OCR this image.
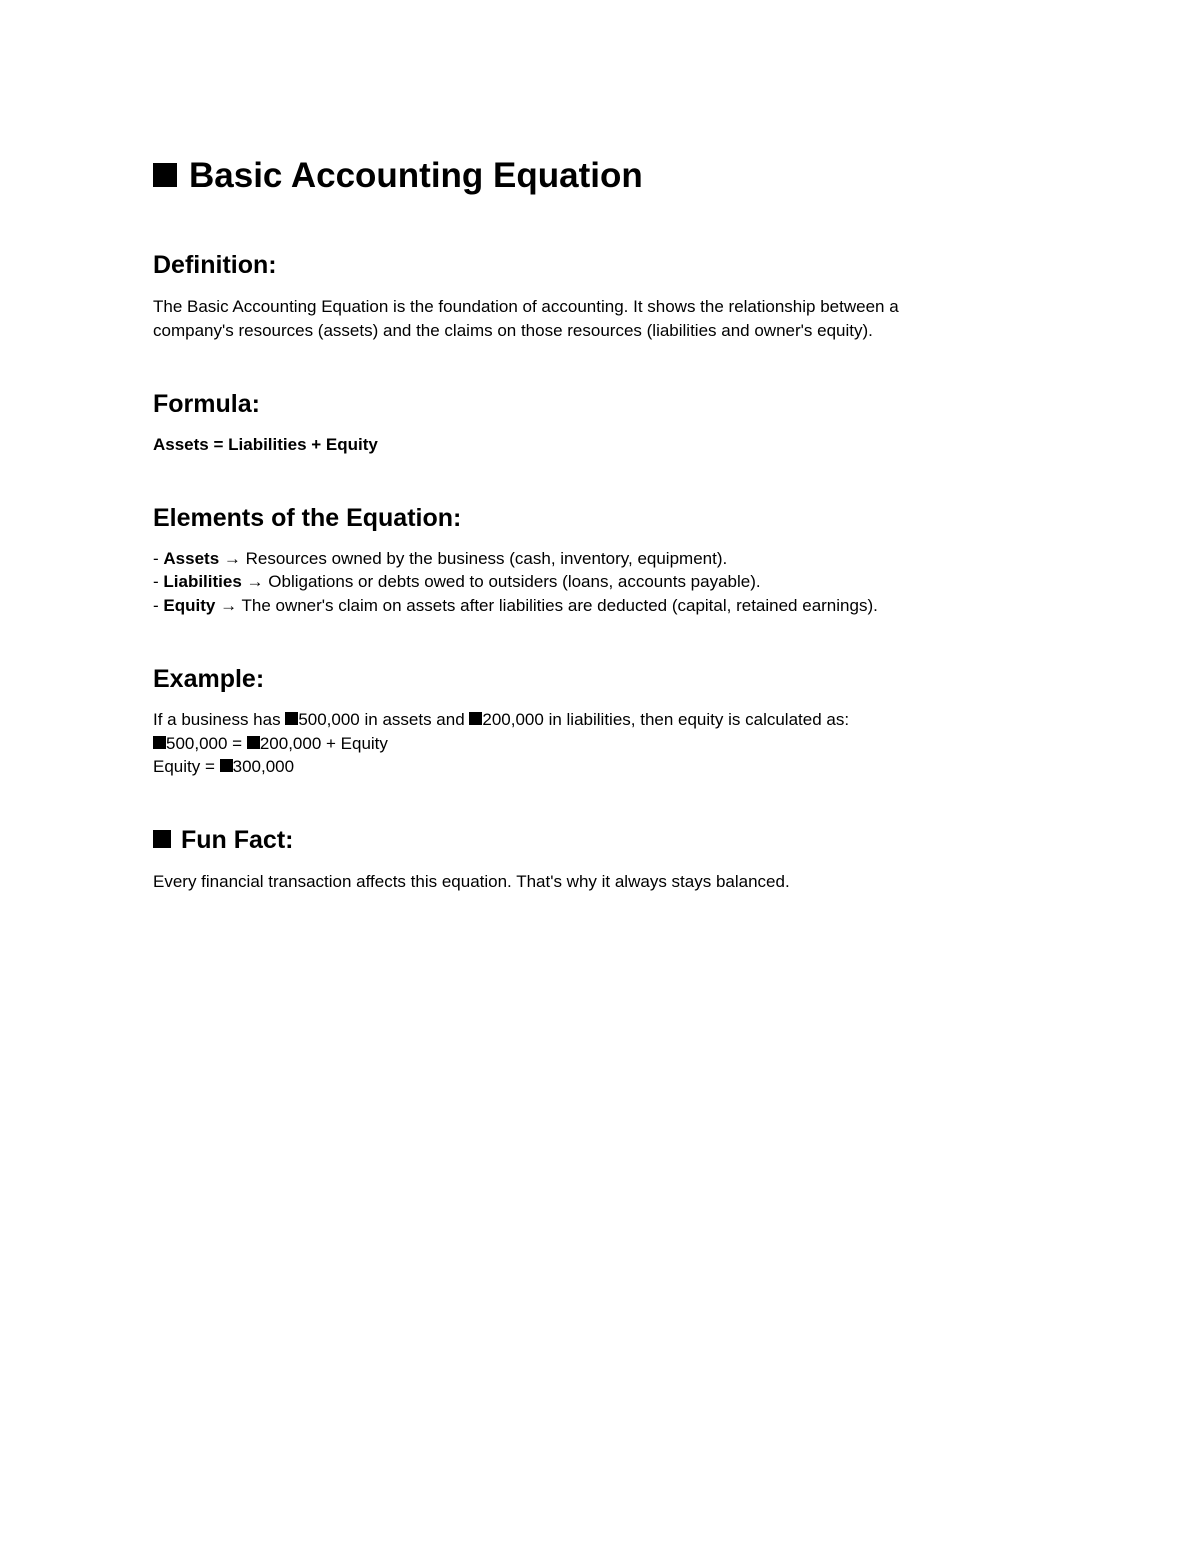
Basic Accounting Equation
Definition:

The Basic Accounting Equation is the foundation of accounting. It shows the relationship between a

company's resources (assets) and the claims on those resources (liabilities and owner's equity).

Formula:

Assets = Liabilities + Equity

Elements of the Equation:

- Assets → Resources owned by the business (cash, inventory, equipment).

- Liabilities → Obligations or debts owed to outsiders (loans, accounts payable).

- Equity → The owner's claim on assets after liabilities are deducted (capital, retained earnings).

Example:

If a business has 500,000 in assets and 200,000 in liabilities, then equity is calculated as:

500,000 = 200,000 + Equity

Equity = 300,000

Fun Fact:

Every financial transaction affects this equation. That's why it always stays balanced.
